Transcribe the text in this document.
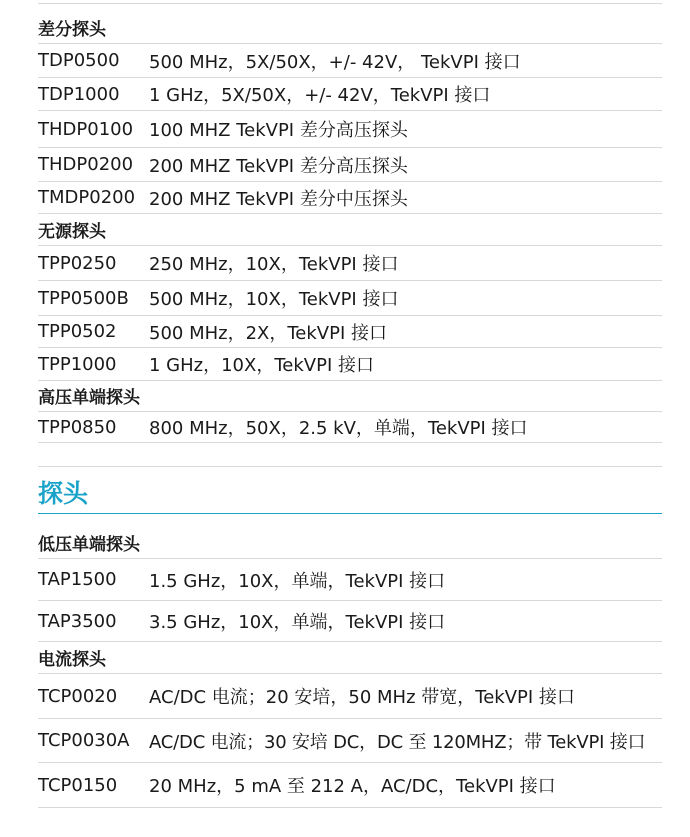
差分探头
TDP0500	500 MHz，5X/50X，+/- 42V， TekVPI 接口
TDP1000	1 GHz，5X/50X，+/- 42V，TekVPI 接口
THDP0100 100 MHZ TekVPI 差分高压探头
THDP0200 200 MHZ TekVPI 差分高压探头
TMDP0200 200 MHZ TekVPI 差分中压探头
无源探头
TPP0250	250 MHz，10X，TekVPI 接口
TPP0500B	500 MHz，10X，TekVPI 接口
TPP0502	500 MHz，2X，TekVPI 接口
TPP1000	1 GHz，10X，TekVPI 接口
高压单端探头
TPP0850	800 MHz，50X，2.5 kV，单端，TekVPI 接口
探头
低压单端探头
TAP1500	1.5 GHz，10X，单端，TekVPI 接口
TAP3500	3.5 GHz，10X，单端，TekVPI 接口
电流探头
TCP0020	AC/DC 电流；20 安培，50 MHz 带宽，TekVPI 接口
TCP0030A	AC/DC 电流；30 安培 DC，DC 至 120MHZ；带 TekVPI 接口
TCP0150	20 MHz，5 mA 至 212 A，AC/DC，TekVPI 接口
